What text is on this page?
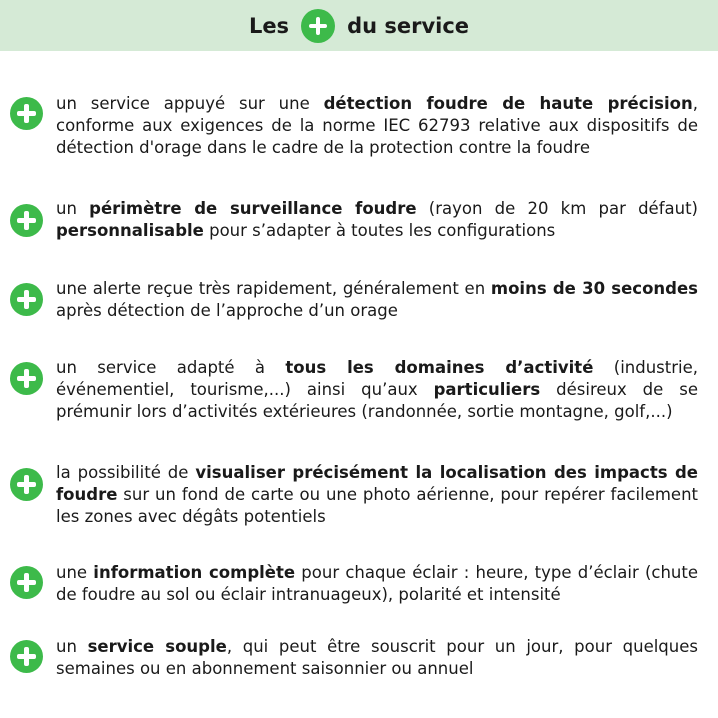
Les	du service
un service appuyé sur une détection foudre de haute précision, conforme aux exigences de la norme IEC 62793 relative aux dispositifs de détection d'orage dans le cadre de la protection contre la foudre
un périmètre de surveillance foudre (rayon de 20 km par défaut) personnalisable pour s’adapter à toutes les configurations
une alerte reçue très rapidement, généralement en moins de 30 secondes après détection de l’approche d’un orage
un service adapté à tous les domaines d’activité (industrie, événementiel, tourisme,...) ainsi qu’aux particuliers désireux de se prémunir lors d’activités extérieures (randonnée, sortie montagne, golf,...)
la possibilité de visualiser précisément la localisation des impacts de foudre sur un fond de carte ou une photo aérienne, pour repérer facilement les zones avec dégâts potentiels
une information complète pour chaque éclair : heure, type d’éclair (chute de foudre au sol ou éclair intranuageux), polarité et intensité
un service souple, qui peut être souscrit pour un jour, pour quelques semaines ou en abonnement saisonnier ou annuel
